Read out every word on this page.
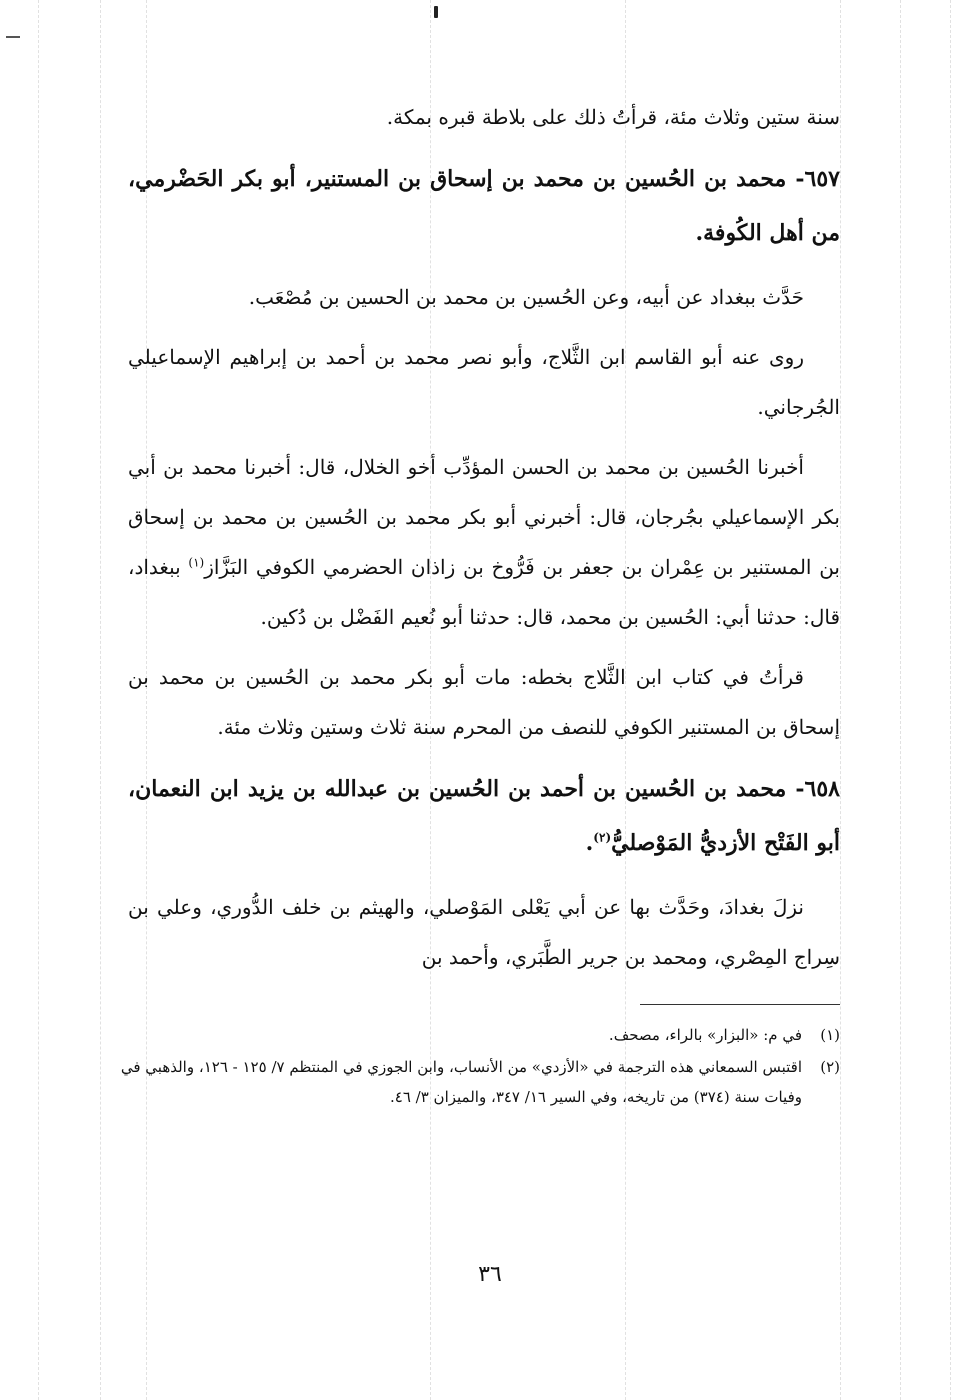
سنة ستين وثلاث مئة، قرأتُ ذلك على بلاطة قبره بمكة.

٦٥٧- محمد بن الحُسين بن محمد بن إسحاق بن المستنير، أبو بكر الحَضْرمي، من أهل الكُوفة.

حَدَّث ببغداد عن أبيه، وعن الحُسين بن محمد بن الحسين بن مُصْعَب.

روى عنه أبو القاسم ابن الثَّلاج، وأبو نصر محمد بن أحمد بن إبراهيم الإسماعيلي الجُرجاني.

أخبرنا الحُسين بن محمد بن الحسن المؤدِّب أخو الخلال، قال: أخبرنا محمد بن أبي بكر الإسماعيلي بجُرجان، قال: أخبرني أبو بكر محمد بن الحُسين بن محمد بن إسحاق بن المستنير بن عِمْران بن جعفر بن فَرُّوخ بن زاذان الحضرمي الكوفي البَزَّاز$^{(١)}$ ببغداد، قال: حدثنا أبي: الحُسين بن محمد، قال: حدثنا أبو نُعيم الفَضْل بن دُكين.

قرأتُ في كتاب ابن الثَّلاج بخطه: مات أبو بكر محمد بن الحُسين بن محمد بن إسحاق بن المستنير الكوفي للنصف من المحرم سنة ثلاث وستين وثلاث مئة.

٦٥٨- محمد بن الحُسين بن أحمد بن الحُسين بن عبدالله بن يزيد ابن النعمان، أبو الفَتْح الأزديُّ المَوْصليُّ$^{(٢)}$.

نزلَ بغدادَ، وحَدَّث بها عن أبي يَعْلى المَوْصلي، والهيثم بن خلف الدُّوري، وعلي بن سِراج المِصْري، ومحمد بن جرير الطَّبَري، وأحمد بن

(١)في م: «البزار» بالراء، مصحف.

(٢)اقتبس السمعاني هذه الترجمة في «الأزدي» من الأنساب، وابن الجوزي في المنتظم ٧/ ١٢٥ - ١٢٦، والذهبي في وفيات سنة (٣٧٤) من تاريخه، وفي السير ١٦/ ٣٤٧، والميزان ٣/ ٤٦.

٣٦
